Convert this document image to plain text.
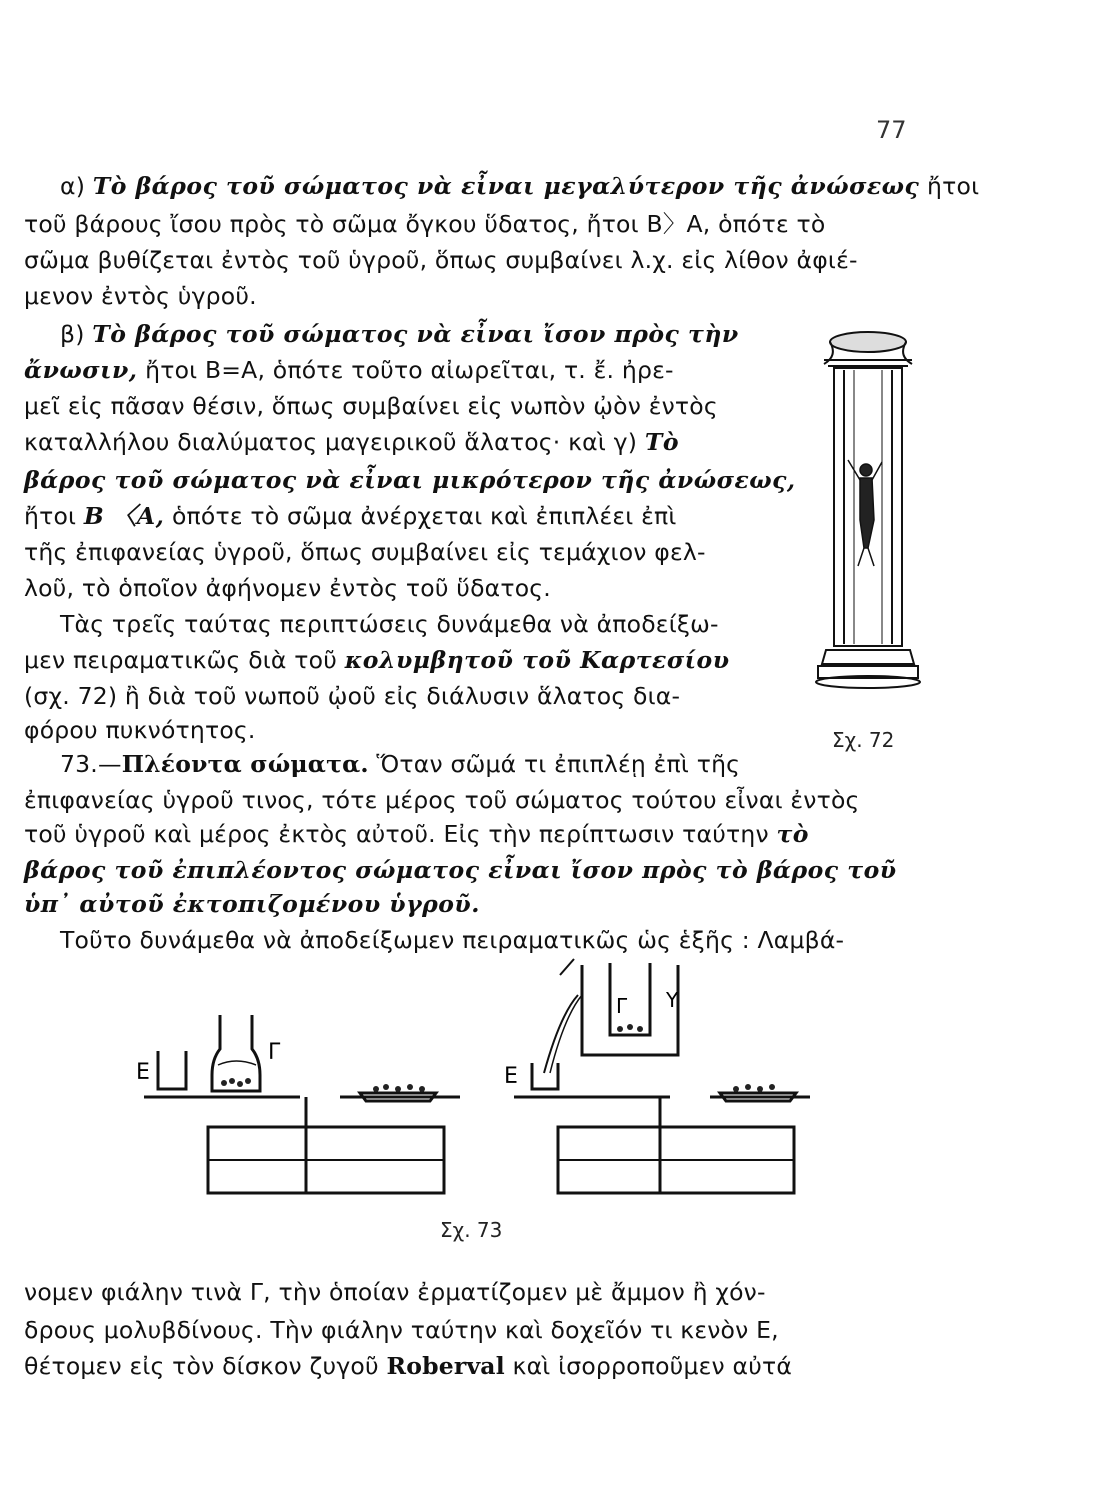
77
α) Τὸ βάρος τοῦ σώματος νὰ εἶναι μεγαλύτερον τῆς ἀνώσεως ἤτοι
τοῦ βάρους ἴσου πρὸς τὸ σῶμα ὄγκου ὕδατος, ἤτοι Β〉Α, ὁπότε τὸ
σῶμα βυθίζεται ἐντὸς τοῦ ὑγροῦ, ὅπως συμβαίνει λ.χ. εἰς λίθον ἀφιέ-
μενον ἐντὸς ὑγροῦ.
β) Τὸ βάρος τοῦ σώματος νὰ εἶναι ἴσον πρὸς τὴν
ἄνωσιν, ἤτοι Β=Α, ὁπότε τοῦτο αἰωρεῖται, τ. ἔ. ἠρε-
μεῖ εἰς πᾶσαν θέσιν, ὅπως συμβαίνει εἰς νωπὸν ᾠὸν ἐντὸς
καταλλήλου διαλύματος μαγειρικοῦ ἅλατος· καὶ γ) Τὸ
βάρος τοῦ σώματος νὰ εἶναι μικρότερον τῆς ἀνώσεως,
ἤτοι Β 〈Α, ὁπότε τὸ σῶμα ἀνέρχεται καὶ ἐπιπλέει ἐπὶ
τῆς ἐπιφανείας ὑγροῦ, ὅπως συμβαίνει εἰς τεμάχιον φελ-
λοῦ, τὸ ὁποῖον ἀφήνομεν ἐντὸς τοῦ ὕδατος.
Τὰς τρεῖς ταύτας περιπτώσεις δυνάμεθα νὰ ἀποδείξω-
μεν πειραματικῶς διὰ τοῦ κολυμβητοῦ τοῦ Καρτεσίου
(σχ. 72) ἢ διὰ τοῦ νωποῦ ᾠοῦ εἰς διάλυσιν ἅλατος δια-
φόρου πυκνότητος.
73.—Πλέοντα σώματα. Ὅταν σῶμά τι ἐπιπλέῃ ἐπὶ τῆς
ἐπιφανείας ὑγροῦ τινος, τότε μέρος τοῦ σώματος τούτου εἶναι ἐντὸς
τοῦ ὑγροῦ καὶ μέρος ἐκτὸς αὐτοῦ. Εἰς τὴν περίπτωσιν ταύτην τὸ
βάρος τοῦ ἐπιπλέοντος σώματος εἶναι ἴσον πρὸς τὸ βάρος τοῦ
ὑπ᾿ αὐτοῦ ἐκτοπιζομένου ὑγροῦ.
Τοῦτο δυνάμεθα νὰ ἀποδείξωμεν πειραματικῶς ὡς ἑξῆς : Λαμβά-
νομεν φιάλην τινὰ Γ, τὴν ὁποίαν ἐρματίζομεν μὲ ἄμμον ἢ χόν-
δρους μολυβδίνους. Τὴν φιάλην ταύτην καὶ δοχεῖόν τι κενὸν Ε,
θέτομεν εἰς τὸν δίσκον ζυγοῦ Roberval καὶ ἰσορροποῦμεν αὐτά
Σχ. 72
Ε
Γ
Ε
Γ Υ
Σχ. 73
